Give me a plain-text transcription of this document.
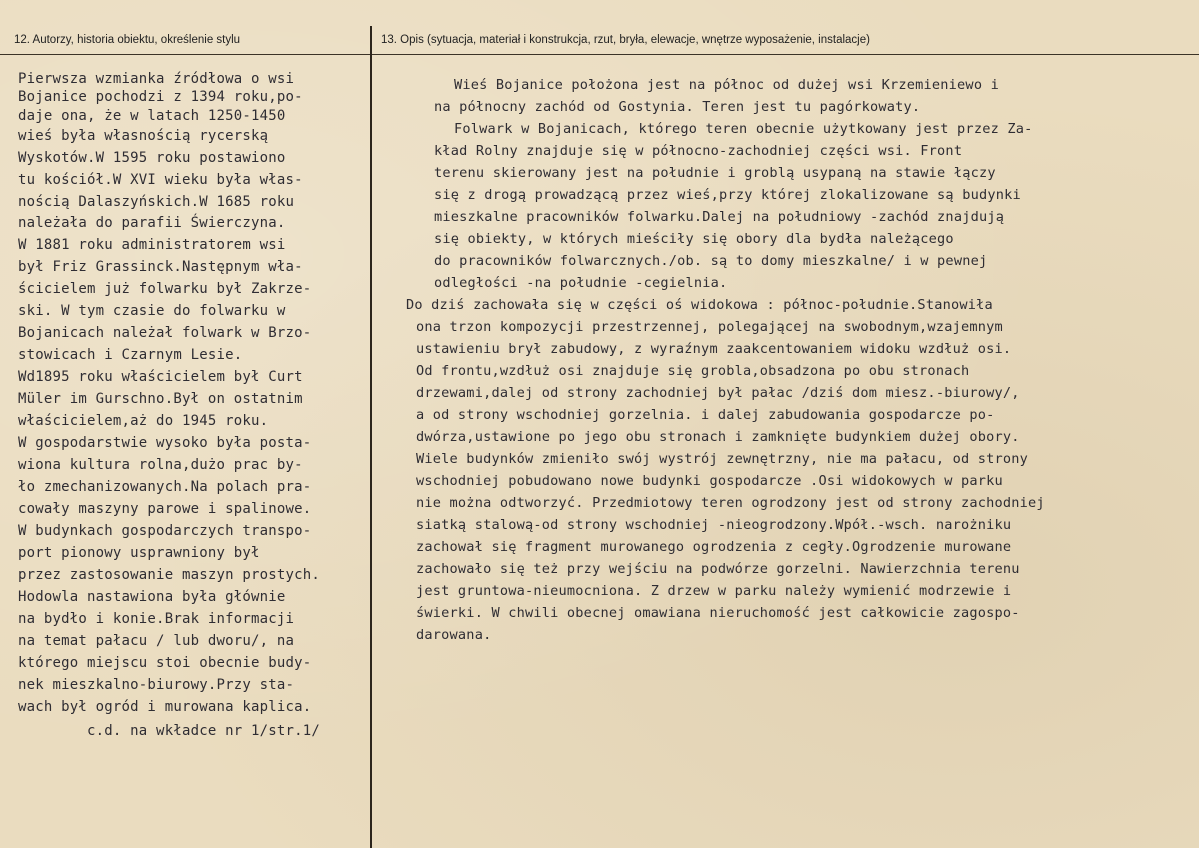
12. Autorzy, historia obiektu, określenie stylu	13. Opis (sytuacja, materiał i konstrukcja, rzut, bryła, elewacje, wnętrze wyposażenie, instalacje)
Pierwsza wzmianka źródłowa o wsi
Bojanice pochodzi z 1394 roku,po-
daje ona, że w latach 1250-1450
wieś była własnością rycerską
Wyskotów.W 1595 roku postawiono
tu kościół.W XVI wieku była włas-
nością Dalaszyńskich.W 1685 roku
należała do parafii Świerczyna.
W 1881 roku administratorem wsi
był Friz Grassinck.Następnym wła-
ścicielem już folwarku był Zakrze-
ski. W tym czasie do folwarku w
Bojanicach należał folwark w Brzo-
stowicach i Czarnym Lesie.
Wd1895 roku właścicielem był Curt
Müler im Gurschno.Był on ostatnim
właścicielem,aż do 1945 roku.
W gospodarstwie wysoko była posta-
wiona kultura rolna,dużo prac by-
ło zmechanizowanych.Na polach pra-
cowały maszyny parowe i spalinowe.
W budynkach gospodarczych transpo-
port pionowy usprawniony był
przez zastosowanie maszyn prostych.
Hodowla nastawiona była głównie
na bydło i konie.Brak informacji
na temat pałacu / lub dworu/, na
którego miejscu stoi obecnie budy-
nek mieszkalno-biurowy.Przy sta-
wach był ogród i murowana kaplica.
c.d. na wkładce nr 1/str.1/
Wieś Bojanice położona jest na północ od dużej wsi Krzemieniewo i
na północny zachód od Gostynia. Teren jest tu pagórkowaty.
Folwark w Bojanicach, którego teren obecnie użytkowany jest przez Za-
kład Rolny znajduje się w północno-zachodniej części wsi. Front
terenu skierowany jest na południe i groblą usypaną na stawie łączy
się z drogą prowadzącą przez wieś,przy której zlokalizowane są budynki
mieszkalne pracowników folwarku.Dalej na południowy -zachód znajdują
się obiekty, w których mieściły się obory dla bydła należącego
do pracowników folwarcznych./ob. są to domy mieszkalne/ i w pewnej
odległości -na południe -cegielnia.
Do dziś zachowała się w części oś widokowa : północ-południe.Stanowiła
ona trzon kompozycji przestrzennej, polegającej na swobodnym,wzajemnym
ustawieniu brył zabudowy, z wyraźnym zaakcentowaniem widoku wzdłuż osi.
Od frontu,wzdłuż osi znajduje się grobla,obsadzona po obu stronach
drzewami,dalej od strony zachodniej był pałac /dziś dom miesz.-biurowy/,
a od strony wschodniej gorzelnia. i dalej zabudowania gospodarcze po-
dwórza,ustawione po jego obu stronach i zamknięte budynkiem dużej obory.
Wiele budynków zmieniło swój wystrój zewnętrzny, nie ma pałacu, od strony
wschodniej pobudowano nowe budynki gospodarcze .Osi widokowych w parku
nie można odtworzyć. Przedmiotowy teren ogrodzony jest od strony zachodniej
siatką stalową-od strony wschodniej -nieogrodzony.Wpół.-wsch. narożniku
zachował się fragment murowanego ogrodzenia z cegły.Ogrodzenie murowane
zachowało się też przy wejściu na podwórze gorzelni. Nawierzchnia terenu
jest gruntowa-nieumocniona. Z drzew w parku należy wymienić modrzewie i
świerki. W chwili obecnej omawiana nieruchomość jest całkowicie zagospo-
darowana.
